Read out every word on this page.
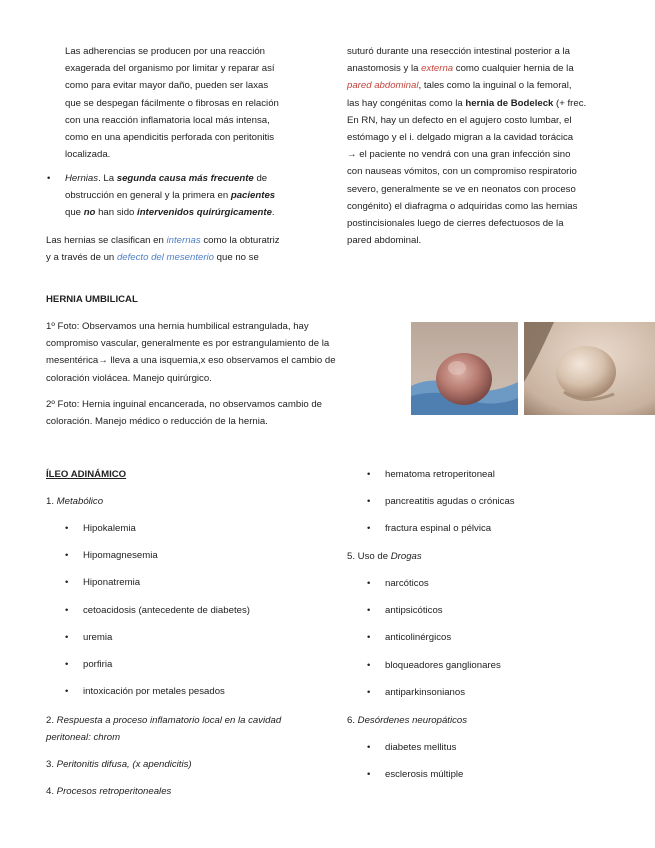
Las adherencias se producen por una reacción

exagerada del organismo por limitar y reparar así

como para evitar mayor daño, pueden ser laxas

que se despegan fácilmente o fibrosas en relación

con una reacción inflamatoria local más intensa,

como en una apendicitis perforada con peritonitis

localizada.

• Hernias. La segunda causa más frecuente de

obstrucción en general y la primera en pacientes

que no han sido intervenidos quirúrgicamente.

Las hernias se clasifican en internas como la obturatriz

y a través de un defecto del mesenterio que no se

suturó durante una resección intestinal posterior a la

anastomosis y la externa como cualquier hernia de la

pared abdominal, tales como la inguinal o la femoral,

las hay congénitas como la hernia de Bodeleck (+ frec.

En RN, hay un defecto en el agujero costo lumbar, el

estómago y el i. delgado migran a la cavidad torácica

→ el paciente no vendrá con una gran infección sino

con nauseas vómitos, con un compromiso respiratorio

severo, generalmente se ve en neonatos con proceso

congénito) el diafragma o adquiridas como las hernias

postincisionales luego de cierres defectuosos de la

pared abdominal.

HERNIA UMBILICAL

1º Foto: Observamos una hernia humbilical estrangulada, hay

compromiso vascular, generalmente es por estrangulamiento de la

mesentérica→ lleva a una isquemia,x eso observamos el cambio de

coloración violácea. Manejo quirúrgico.

2º Foto: Hernia inguinal encancerada, no observamos cambio de

coloración. Manejo médico o reducción de la hernia.

ÍLEO ADINÁMICO

1. Metabólico

• Hipokalemia
• Hipomagnesemia
• Hiponatremia
• cetoacidosis (antecedente de diabetes)
• uremia
• porfiria
• intoxicación por metales pesados

2. Respuesta a proceso inflamatorio local en la cavidad

peritoneal: chrom

3. Peritonitis difusa, (x apendicitis)

4. Procesos retroperitoneales

• hematoma retroperitoneal
• pancreatitis agudas o crónicas
• fractura espinal o pélvica

5. Uso de Drogas

• narcóticos
• antipsicóticos
• anticolinérgicos
• bloqueadores ganglionares
• antiparkinsonianos

6. Desórdenes neuropáticos

• diabetes mellitus
• esclerosis múltiple
